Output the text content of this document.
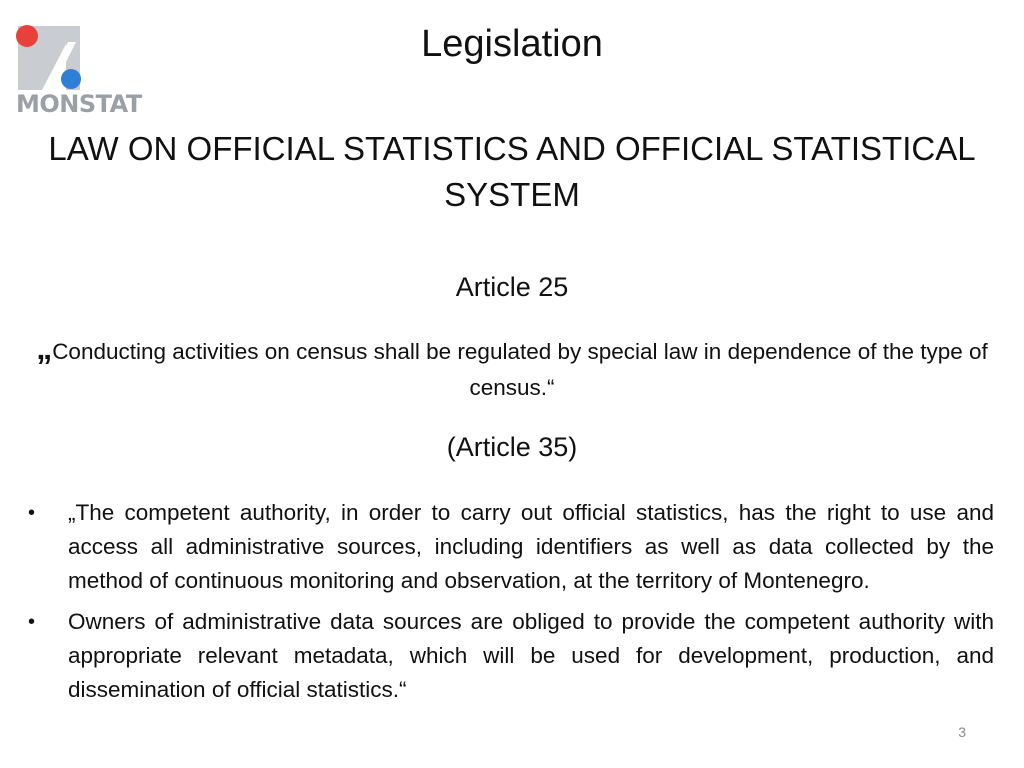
MONSTAT
Legislation
LAW ON OFFICIAL STATISTICS AND OFFICIAL STATISTICAL SYSTEM
Article 25
„Conducting activities on census shall be regulated by special law in dependence of the type of census.“
(Article 35)
•	„The competent authority, in order to carry out official statistics, has the right to use and access all administrative sources, including identifiers as well as data collected by the method of continuous monitoring and observation, at the territory of Montenegro.
•	Owners of administrative data sources are obliged to provide the competent authority with appropriate relevant metadata, which will be used for development, production, and dissemination of official statistics.“
3
